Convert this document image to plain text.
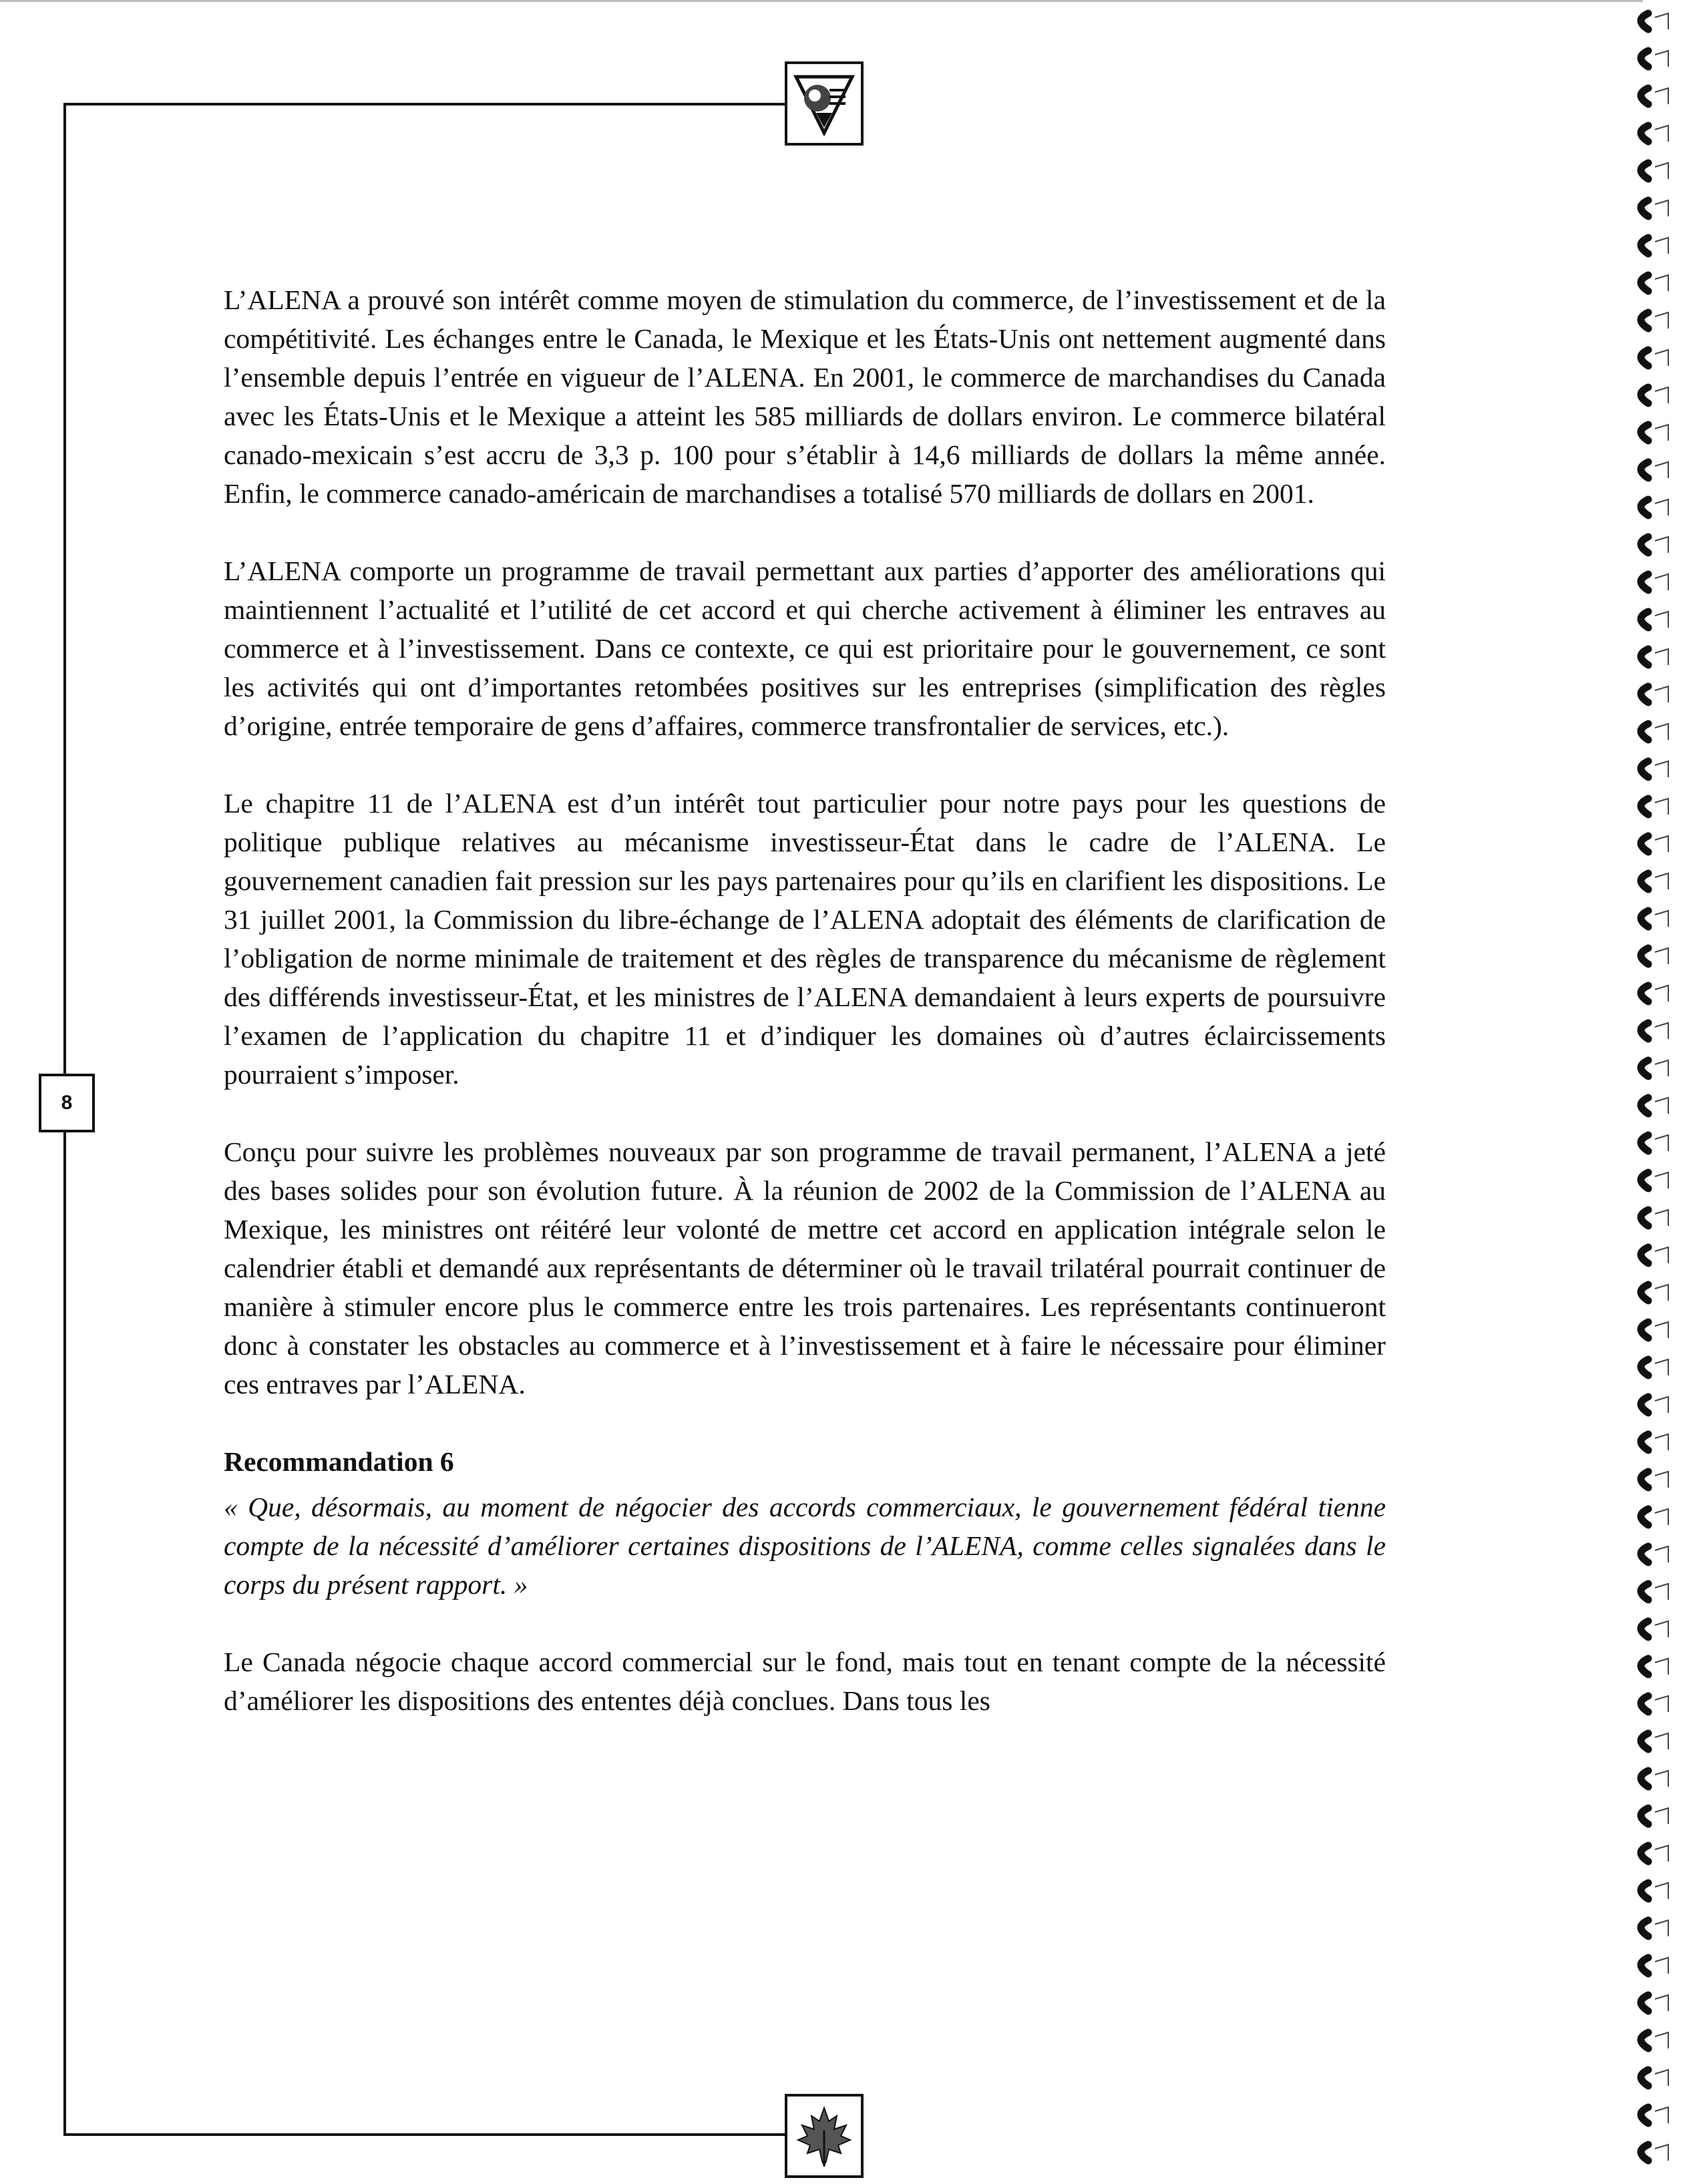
8

L’ALENA a prouvé son intérêt comme moyen de stimulation du commerce, de l’investissement et de la compétitivité. Les échanges entre le Canada, le Mexique et les États-Unis ont nettement augmenté dans l’ensemble depuis l’entrée en vigueur de l’ALENA. En 2001, le commerce de marchandises du Canada avec les États-Unis et le Mexique a atteint les 585 milliards de dollars environ. Le commerce bilatéral canado-mexicain s’est accru de 3,3 p. 100 pour s’établir à 14,6 milliards de dollars la même année. Enfin, le commerce canado-américain de marchandises a totalisé 570 milliards de dollars en 2001.

L’ALENA comporte un programme de travail permettant aux parties d’apporter des améliorations qui maintiennent l’actualité et l’utilité de cet accord et qui cherche activement à éliminer les entraves au commerce et à l’investissement. Dans ce contexte, ce qui est prioritaire pour le gouvernement, ce sont les activités qui ont d’importantes retombées positives sur les entreprises (simplification des règles d’origine, entrée temporaire de gens d’affaires, commerce transfrontalier de services, etc.).

Le chapitre 11 de l’ALENA est d’un intérêt tout particulier pour notre pays pour les questions de politique publique relatives au mécanisme investisseur-État dans le cadre de l’ALENA. Le gouvernement canadien fait pression sur les pays partenaires pour qu’ils en clarifient les dispositions. Le 31 juillet 2001, la Commission du libre-échange de l’ALENA adoptait des éléments de clarification de l’obligation de norme minimale de traitement et des règles de transparence du mécanisme de règlement des différends investisseur-État, et les ministres de l’ALENA demandaient à leurs experts de poursuivre l’examen de l’application du chapitre 11 et d’indiquer les domaines où d’autres éclaircissements pourraient s’imposer.

Conçu pour suivre les problèmes nouveaux par son programme de travail permanent, l’ALENA a jeté des bases solides pour son évolution future. À la réunion de 2002 de la Commission de l’ALENA au Mexique, les ministres ont réitéré leur volonté de mettre cet accord en application intégrale selon le calendrier établi et demandé aux représentants de déterminer où le travail trilatéral pourrait continuer de manière à stimuler encore plus le commerce entre les trois partenaires. Les représentants continueront donc à constater les obstacles au commerce et à l’investissement et à faire le nécessaire pour éliminer ces entraves par l’ALENA.

Recommandation 6

« Que, désormais, au moment de négocier des accords commerciaux, le gouvernement fédéral tienne compte de la nécessité d’améliorer certaines dispositions de l’ALENA, comme celles signalées dans le corps du présent rapport. »

Le Canada négocie chaque accord commercial sur le fond, mais tout en tenant compte de la nécessité d’améliorer les dispositions des ententes déjà conclues. Dans tous les
